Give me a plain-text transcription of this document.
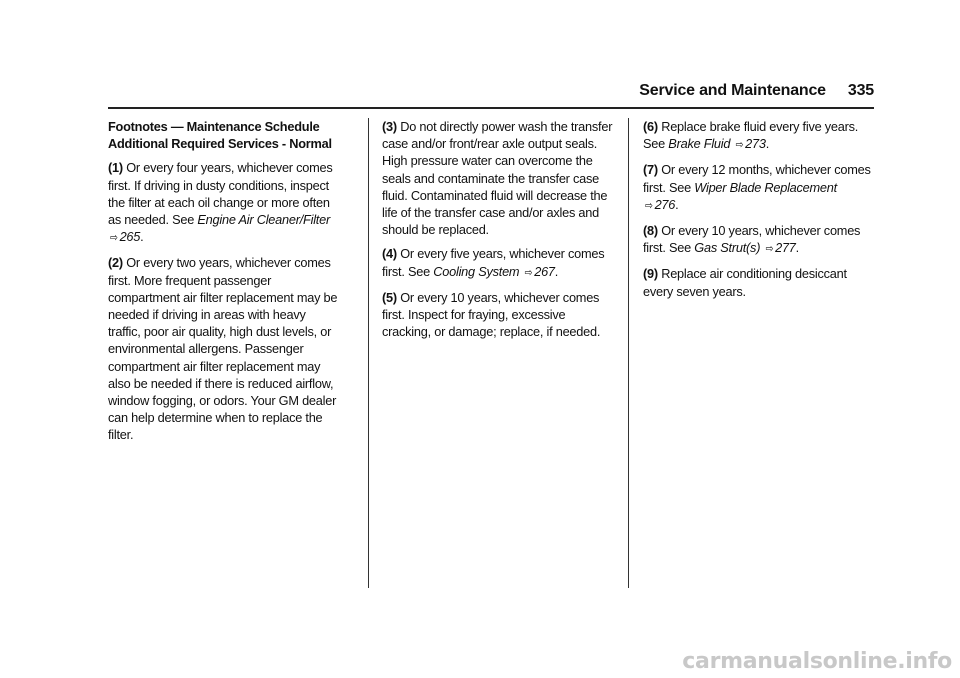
Service and Maintenance 335

Footnotes — Maintenance Schedule
Additional Required Services - Normal

(1) Or every four years, whichever comes first. If driving in dusty conditions, inspect the filter at each oil change or more often as needed. See Engine Air Cleaner/Filter ⇨ 265.

(2) Or every two years, whichever comes first. More frequent passenger compartment air filter replacement may be needed if driving in areas with heavy traffic, poor air quality, high dust levels, or environmental allergens. Passenger compartment air filter replacement may also be needed if there is reduced airflow, window fogging, or odors. Your GM dealer can help determine when to replace the filter.

(3) Do not directly power wash the transfer case and/or front/rear axle output seals. High pressure water can overcome the seals and contaminate the transfer case fluid. Contaminated fluid will decrease the life of the transfer case and/or axles and should be replaced.

(4) Or every five years, whichever comes first. See Cooling System ⇨ 267.

(5) Or every 10 years, whichever comes first. Inspect for fraying, excessive cracking, or damage; replace, if needed.

(6) Replace brake fluid every five years. See Brake Fluid ⇨ 273.

(7) Or every 12 months, whichever comes first. See Wiper Blade Replacement ⇨ 276.

(8) Or every 10 years, whichever comes first. See Gas Strut(s) ⇨ 277.

(9) Replace air conditioning desiccant every seven years.

carmanualsonline.info
